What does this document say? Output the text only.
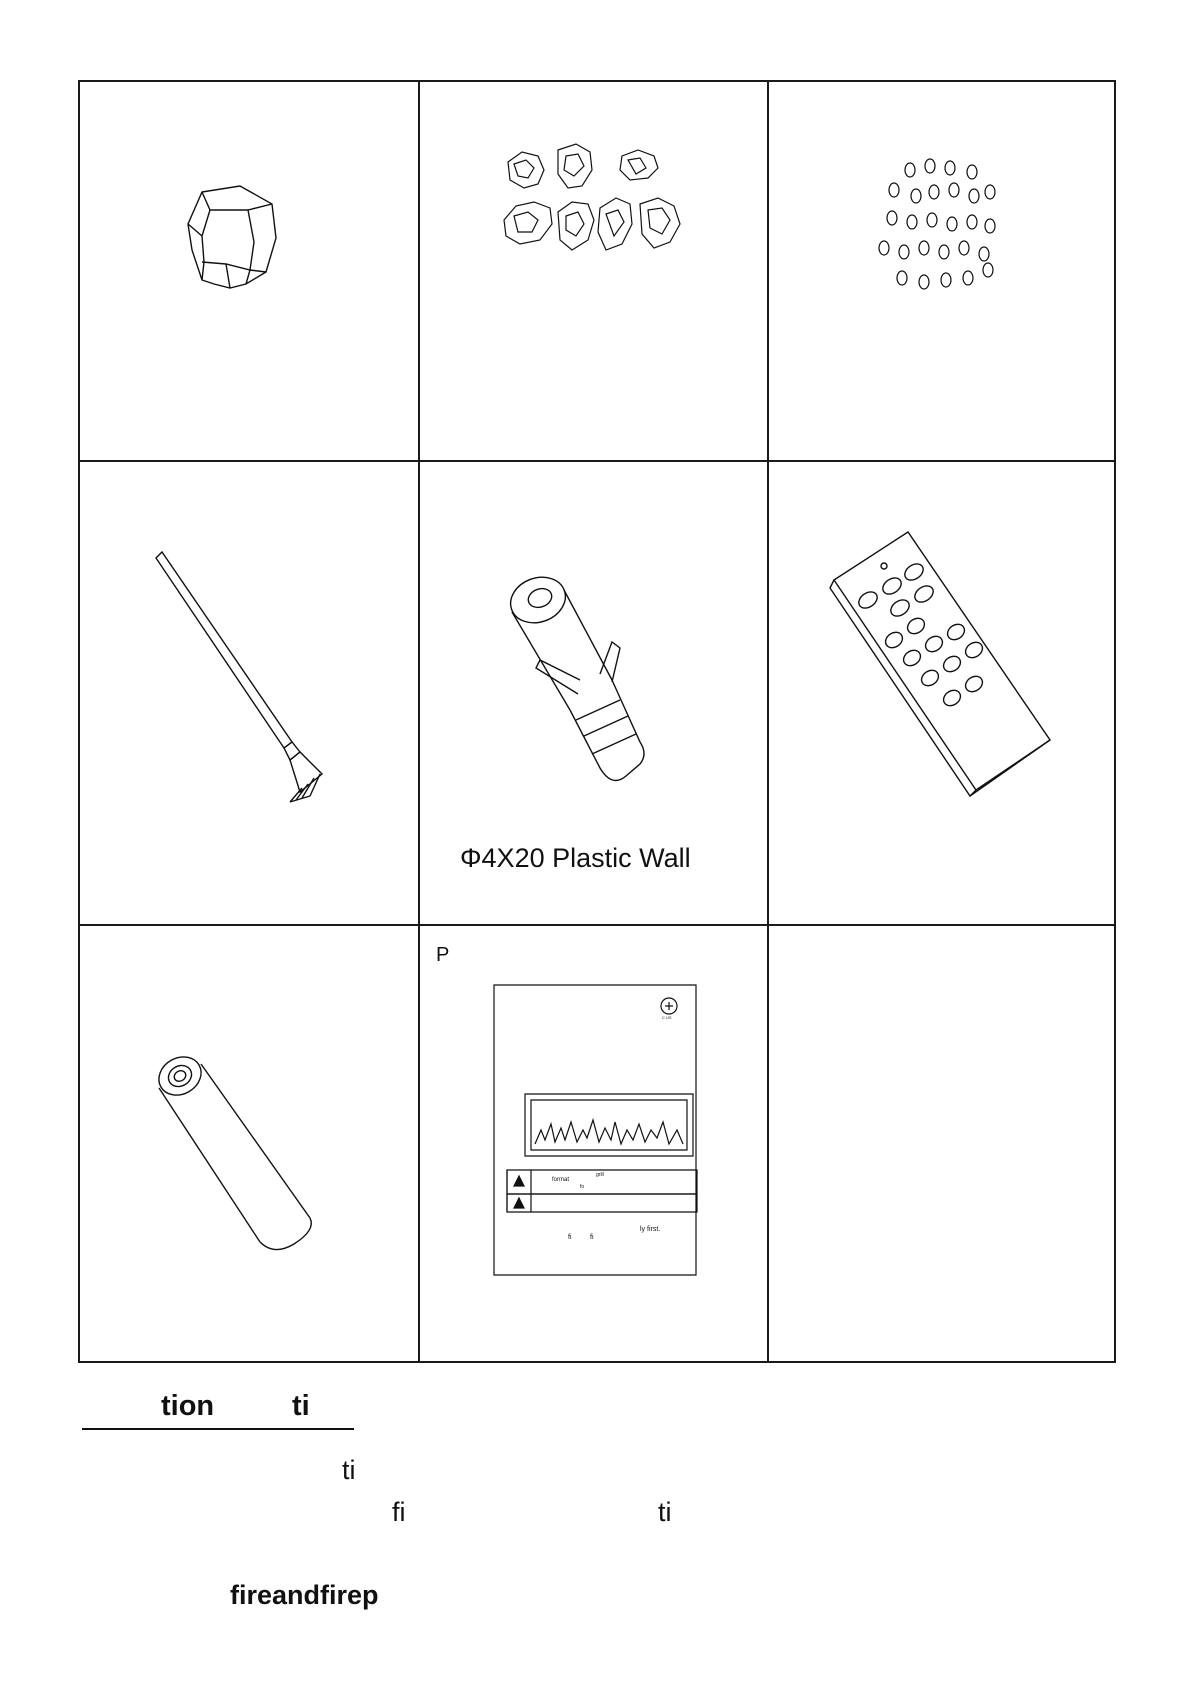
Φ4X20 Plastic Wall
P
format
grill
fo
ly first.
fi	fi
C US
tion	ti
ti
fi	ti
fireandfirep
